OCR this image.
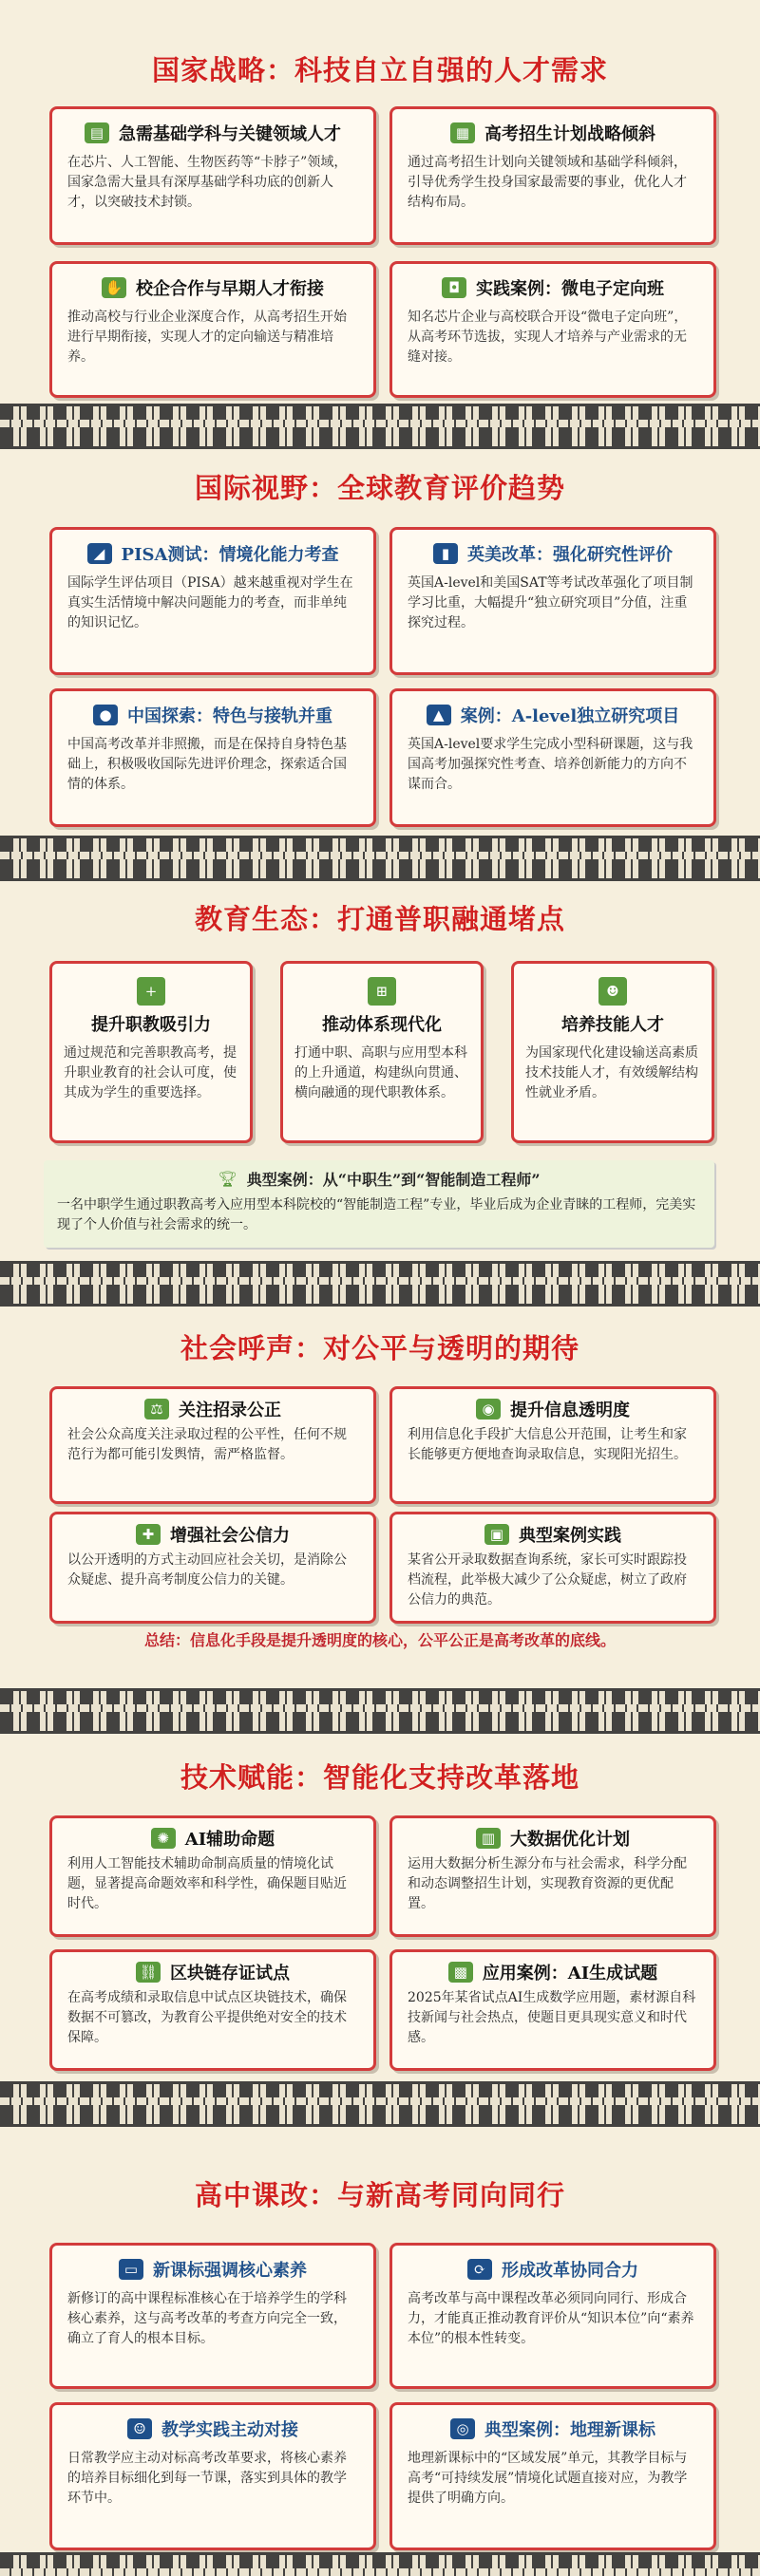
国家战略：科技自立自强的人才需求
▤ 急需基础学科与关键领域人才
在芯片、人工智能、生物医药等“卡脖子”领域，国家急需大量具有深厚基础学科功底的创新人才，以突破技术封锁。
▦ 高考招生计划战略倾斜
通过高考招生计划向关键领域和基础学科倾斜，引导优秀学生投身国家最需要的事业，优化人才结构布局。
✋ 校企合作与早期人才衔接
推动高校与行业企业深度合作，从高考招生开始进行早期衔接，实现人才的定向输送与精准培养。
◘ 实践案例：微电子定向班
知名芯片企业与高校联合开设“微电子定向班”，从高考环节选拔，实现人才培养与产业需求的无缝对接。
国际视野：全球教育评价趋势
◢ PISA测试：情境化能力考查
国际学生评估项目（PISA）越来越重视对学生在真实生活情境中解决问题能力的考查，而非单纯的知识记忆。
▮	英美改革：强化研究性评价
英国A-level和美国SAT等考试改革强化了项目制学习比重，大幅提升“独立研究项目”分值，注重探究过程。
● 中国探索：特色与接轨并重
中国高考改革并非照搬，而是在保持自身特色基础上，积极吸收国际先进评价理念，探索适合国情的体系。
▲ 案例：A-level独立研究项目
英国A-level要求学生完成小型科研课题，这与我国高考加强探究性考查、培养创新能力的方向不谋而合。
教育生态：打通普职融通堵点
+
提升职教吸引力
通过规范和完善职教高考，提升职业教育的社会认可度，使其成为学生的重要选择。
⊞
推动体系现代化
打通中职、高职与应用型本科的上升通道，构建纵向贯通、横向融通的现代职教体系。
☻
培养技能人才
为国家现代化建设输送高素质技术技能人才，有效缓解结构性就业矛盾。
🏆︎ 典型案例：从“中职生”到“智能制造工程师”
一名中职学生通过职教高考入应用型本科院校的“智能制造工程”专业，毕业后成为企业青睐的工程师，完美实现了个人价值与社会需求的统一。
社会呼声：对公平与透明的期待
⚖︎ 关注招录公正
社会公众高度关注录取过程的公平性，任何不规范行为都可能引发舆情，需严格监督。
◉ 提升信息透明度
利用信息化手段扩大信息公开范围，让考生和家长能够更方便地查询录取信息，实现阳光招生。
✚ 增强社会公信力
以公开透明的方式主动回应社会关切，是消除公众疑虑、提升高考制度公信力的关键。
▣ 典型案例实践
某省公开录取数据查询系统，家长可实时跟踪投档流程，此举极大减少了公众疑虑，树立了政府公信力的典范。
总结：信息化手段是提升透明度的核心，公平公正是高考改革的底线。
技术赋能：智能化支持改革落地
✺ AI辅助命题
利用人工智能技术辅助命制高质量的情境化试题，显著提高命题效率和科学性，确保题目贴近时代。
▥ 大数据优化计划
运用大数据分析生源分布与社会需求，科学分配和动态调整招生计划，实现教育资源的更优配置。
⛓︎ 区块链存证试点
在高考成绩和录取信息中试点区块链技术，确保数据不可篡改，为教育公平提供绝对安全的技术保障。
▩ 应用案例：AI生成试题
2025年某省试点AI生成数学应用题，素材源自科技新闻与社会热点，使题目更具现实意义和时代感。
高中课改：与新高考同向同行
▭ 新课标强调核心素养
新修订的高中课程标准核心在于培养学生的学科核心素养，这与高考改革的考查方向完全一致，确立了育人的根本目标。
⟳ 形成改革协同合力
高考改革与高中课程改革必须同向同行、形成合力，才能真正推动教育评价从“知识本位”向“素养本位”的根本性转变。
☺ 教学实践主动对接
日常教学应主动对标高考改革要求，将核心素养的培养目标细化到每一节课，落实到具体的教学环节中。
◎ 典型案例：地理新课标
地理新课标中的“区域发展”单元，其教学目标与高考“可持续发展”情境化试题直接对应，为教学提供了明确方向。
